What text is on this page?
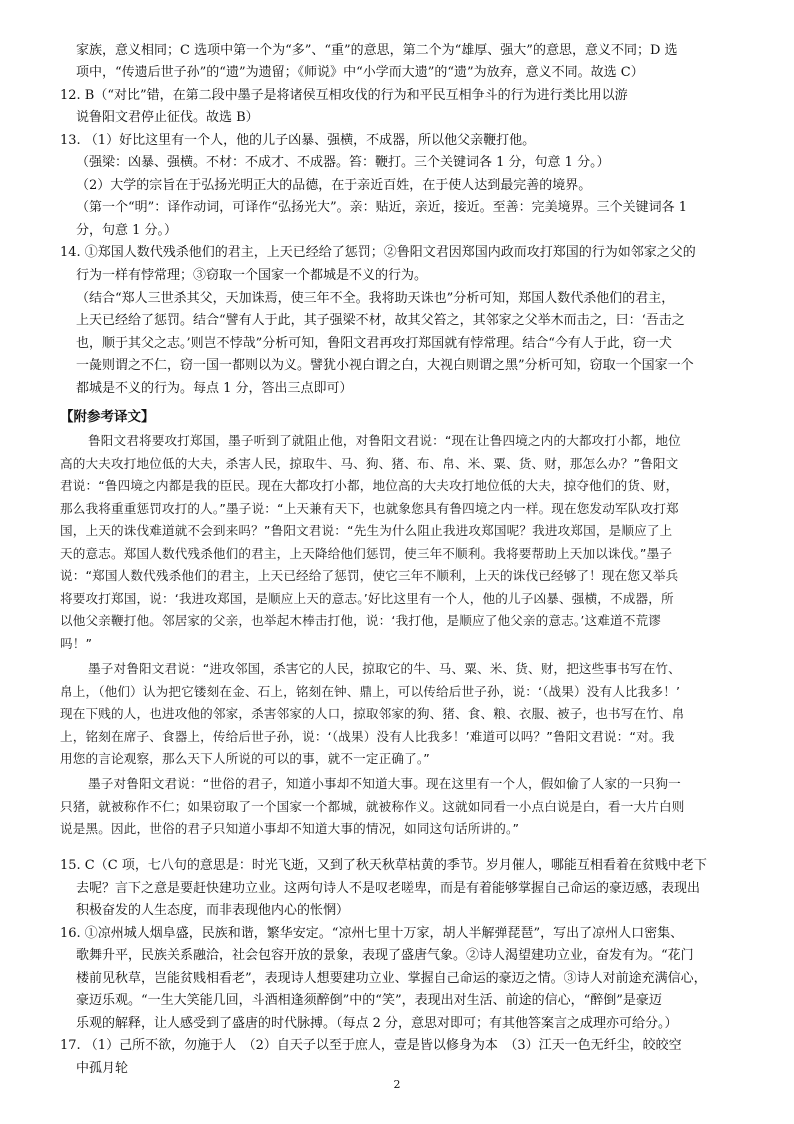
家族，意义相同；C 选项中第一个为“多”、“重”的意思，第二个为“雄厚、强大”的意思，意义不同；D 选
项中，“传遗后世子孙”的“遗”为遗留；《师说》中“小学而大遗”的“遗”为放弃，意义不同。故选 C）
12. B（“对比”错，在第二段中墨子是将诸侯互相攻伐的行为和平民互相争斗的行为进行类比用以游
说鲁阳文君停止征伐。故选 B）
13. （1）好比这里有一个人，他的儿子凶暴、强横，不成器，所以他父亲鞭打他。
（强梁：凶暴、强横。不材：不成才、不成器。笞：鞭打。三个关键词各 1 分，句意 1 分。）
（2）大学的宗旨在于弘扬光明正大的品德，在于亲近百姓，在于使人达到最完善的境界。
（第一个“明”：译作动词，可译作“弘扬光大”。亲：贴近，亲近，接近。至善：完美境界。三个关键词各 1
分，句意 1 分。）
14. ①郑国人数代残杀他们的君主，上天已经给了惩罚；②鲁阳文君因郑国内政而攻打郑国的行为如邻家之父的
行为一样有悖常理；③窃取一个国家一个都城是不义的行为。
（结合“郑人三世杀其父，天加诛焉，使三年不全。我将助天诛也”分析可知，郑国人数代杀他们的君主，
上天已经给了惩罚。结合“譬有人于此，其子强梁不材，故其父笞之，其邻家之父举木而击之，曰：‘吾击之
也，顺于其父之志。’则岂不悖哉”分析可知，鲁阳文君再攻打郑国就有悖常理。结合“今有人于此，窃一犬
一彘则谓之不仁，窃一国一都则以为义。譬犹小视白谓之白，大视白则谓之黑”分析可知，窃取一个国家一个
都城是不义的行为。每点 1 分，答出三点即可）
【附参考译文】
鲁阳文君将要攻打郑国，墨子听到了就阻止他，对鲁阳文君说：“现在让鲁四境之内的大都攻打小都，地位
高的大夫攻打地位低的大夫，杀害人民，掠取牛、马、狗、猪、布、帛、米、粟、货、财，那怎么办？”鲁阳文
君说：“鲁四境之内都是我的臣民。现在大都攻打小都，地位高的大夫攻打地位低的大夫，掠夺他们的货、财，
那么我将重重惩罚攻打的人。”墨子说：“上天兼有天下，也就象您具有鲁四境之内一样。现在您发动军队攻打郑
国，上天的诛伐难道就不会到来吗？”鲁阳文君说：“先生为什么阻止我进攻郑国呢？我进攻郑国，是顺应了上
天的意志。郑国人数代残杀他们的君主，上天降给他们惩罚，使三年不顺利。我将要帮助上天加以诛伐。”墨子
说：“郑国人数代残杀他们的君主，上天已经给了惩罚，使它三年不顺利，上天的诛伐已经够了！现在您又举兵
将要攻打郑国，说：‘我进攻郑国，是顺应上天的意志。’好比这里有一个人，他的儿子凶暴、强横，不成器，所
以他父亲鞭打他。邻居家的父亲，也举起木棒击打他，说：‘我打他，是顺应了他父亲的意志。’这难道不荒谬
吗！”
墨子对鲁阳文君说：“进攻邻国，杀害它的人民，掠取它的牛、马、粟、米、货、财，把这些事书写在竹、
帛上，（他们）认为把它镂刻在金、石上，铭刻在钟、鼎上，可以传给后世子孙，说：‘（战果）没有人比我多！’
现在下贱的人，也进攻他的邻家，杀害邻家的人口，掠取邻家的狗、猪、食、粮、衣服、被子，也书写在竹、帛
上，铭刻在席子、食器上，传给后世子孙，说：‘（战果）没有人比我多！’难道可以吗？”鲁阳文君说：“对。我
用您的言论观察，那么天下人所说的可以的事，就不一定正确了。”
墨子对鲁阳文君说：“世俗的君子，知道小事却不知道大事。现在这里有一个人，假如偷了人家的一只狗一
只猪，就被称作不仁；如果窃取了一个国家一个都城，就被称作义。这就如同看一小点白说是白，看一大片白则
说是黑。因此，世俗的君子只知道小事却不知道大事的情况，如同这句话所讲的。”
15. C（C 项，七八句的意思是：时光飞逝，又到了秋天秋草枯黄的季节。岁月催人，哪能互相看着在贫贱中老下
去呢？言下之意是要赶快建功立业。这两句诗人不是叹老嗟卑，而是有着能够掌握自己命运的豪迈感，表现出
积极奋发的人生态度，而非表现他内心的怅惘）
16. ①凉州城人烟阜盛，民族和谐，繁华安定。“凉州七里十万家，胡人半解弹琵琶”，写出了凉州人口密集、
歌舞升平，民族关系融洽，社会包容开放的景象，表现了盛唐气象。②诗人渴望建功立业，奋发有为。“花门
楼前见秋草，岂能贫贱相看老”，表现诗人想要建功立业、掌握自己命运的豪迈之情。③诗人对前途充满信心，
豪迈乐观。“一生大笑能几回，斗酒相逢须醉倒”中的“笑”，表现出对生活、前途的信心，“醉倒”是豪迈
乐观的解释，让人感受到了盛唐的时代脉搏。（每点 2 分，意思对即可；有其他答案言之成理亦可给分。）
17. （1）己所不欲，勿施于人　（2）自天子以至于庶人，壹是皆以修身为本　（3）江天一色无纤尘，皎皎空
中孤月轮
2
